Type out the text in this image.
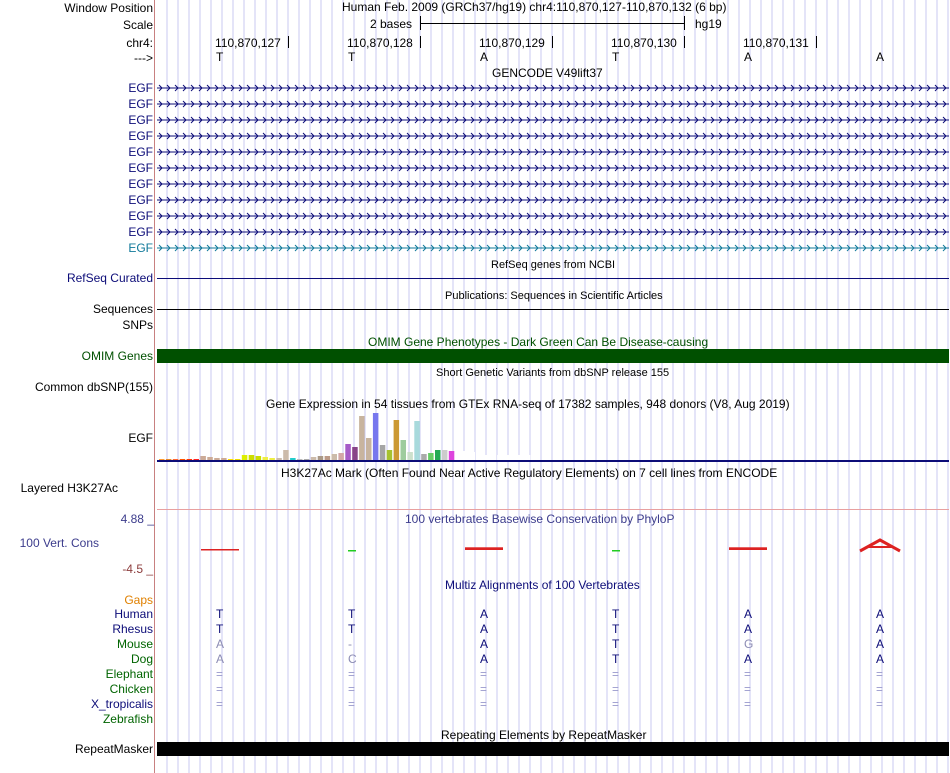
Window Position	Human Feb. 2009 (GRCh37/hg19) chr4:110,870,127-110,870,132 (6 bp)
Scale	2 bases	hg19
chr4:	110,870,127	110,870,128	110,870,129	110,870,130	110,870,131
--->	T	T	A	T	A	A
GENCODE V49lift37
EGF
EGF
EGF
EGF
EGF
EGF
EGF
EGF
EGF
EGF
EGF
RefSeq genes from NCBI
RefSeq Curated
Publications: Sequences in Scientific Articles
Sequences
SNPs
OMIM Gene Phenotypes - Dark Green Can Be Disease-causing
OMIM Genes
Short Genetic Variants from dbSNP release 155
Common dbSNP(155)
Gene Expression in 54 tissues from GTEx RNA-seq of 17382 samples, 948 donors (V8, Aug 2019)
EGF
H3K27Ac Mark (Often Found Near Active Regulatory Elements) on 7 cell lines from ENCODE
Layered H3K27Ac
100 vertebrates Basewise Conservation by PhyloP
4.88 _
100 Vert. Cons
-4.5 _
Multiz Alignments of 100 Vertebrates
Gaps
Human	T	T	A	T	A	A
Rhesus	T	T	A	T	A	A
Mouse	A	-	A	T	G	A
Dog	A	C	A	T	A	A
Elephant	=	=	=	=	=	=
Chicken	=	=	=	=	=	=
X_tropicalis	=	=	=	=	=	=
Zebrafish
Repeating Elements by RepeatMasker
RepeatMasker
